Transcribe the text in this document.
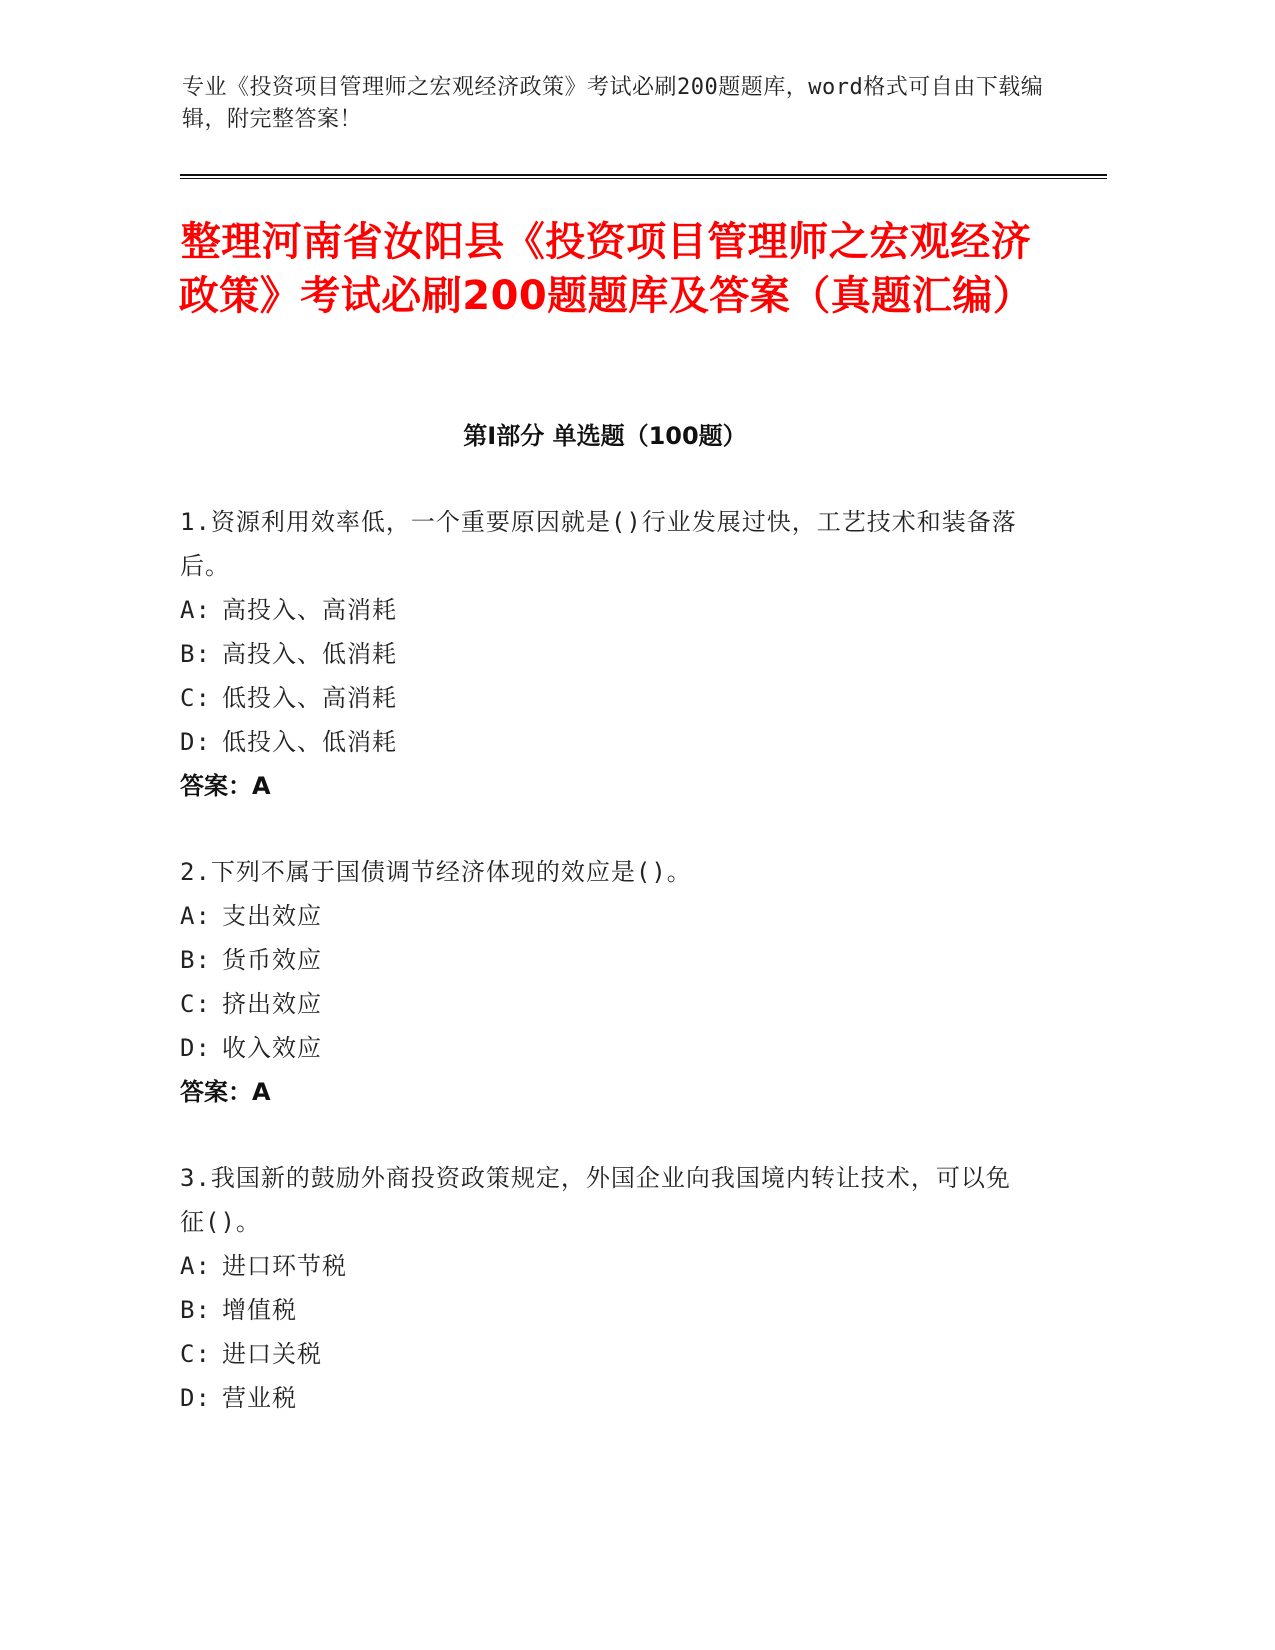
专业《投资项目管理师之宏观经济政策》考试必刷200题题库，word格式可自由下载编辑，附完整答案！
整理河南省汝阳县《投资项目管理师之宏观经济政策》考试必刷200题题库及答案（真题汇编）
第Ⅰ部分 单选题（100题）
1.资源利用效率低，一个重要原因就是()行业发展过快，工艺技术和装备落后。
A: 高投入、高消耗
B: 高投入、低消耗
C: 低投入、高消耗
D: 低投入、低消耗
答案：A
2.下列不属于国债调节经济体现的效应是()。
A: 支出效应
B: 货币效应
C: 挤出效应
D: 收入效应
答案：A
3.我国新的鼓励外商投资政策规定，外国企业向我国境内转让技术，可以免征()。
A: 进口环节税
B: 增值税
C: 进口关税
D: 营业税
